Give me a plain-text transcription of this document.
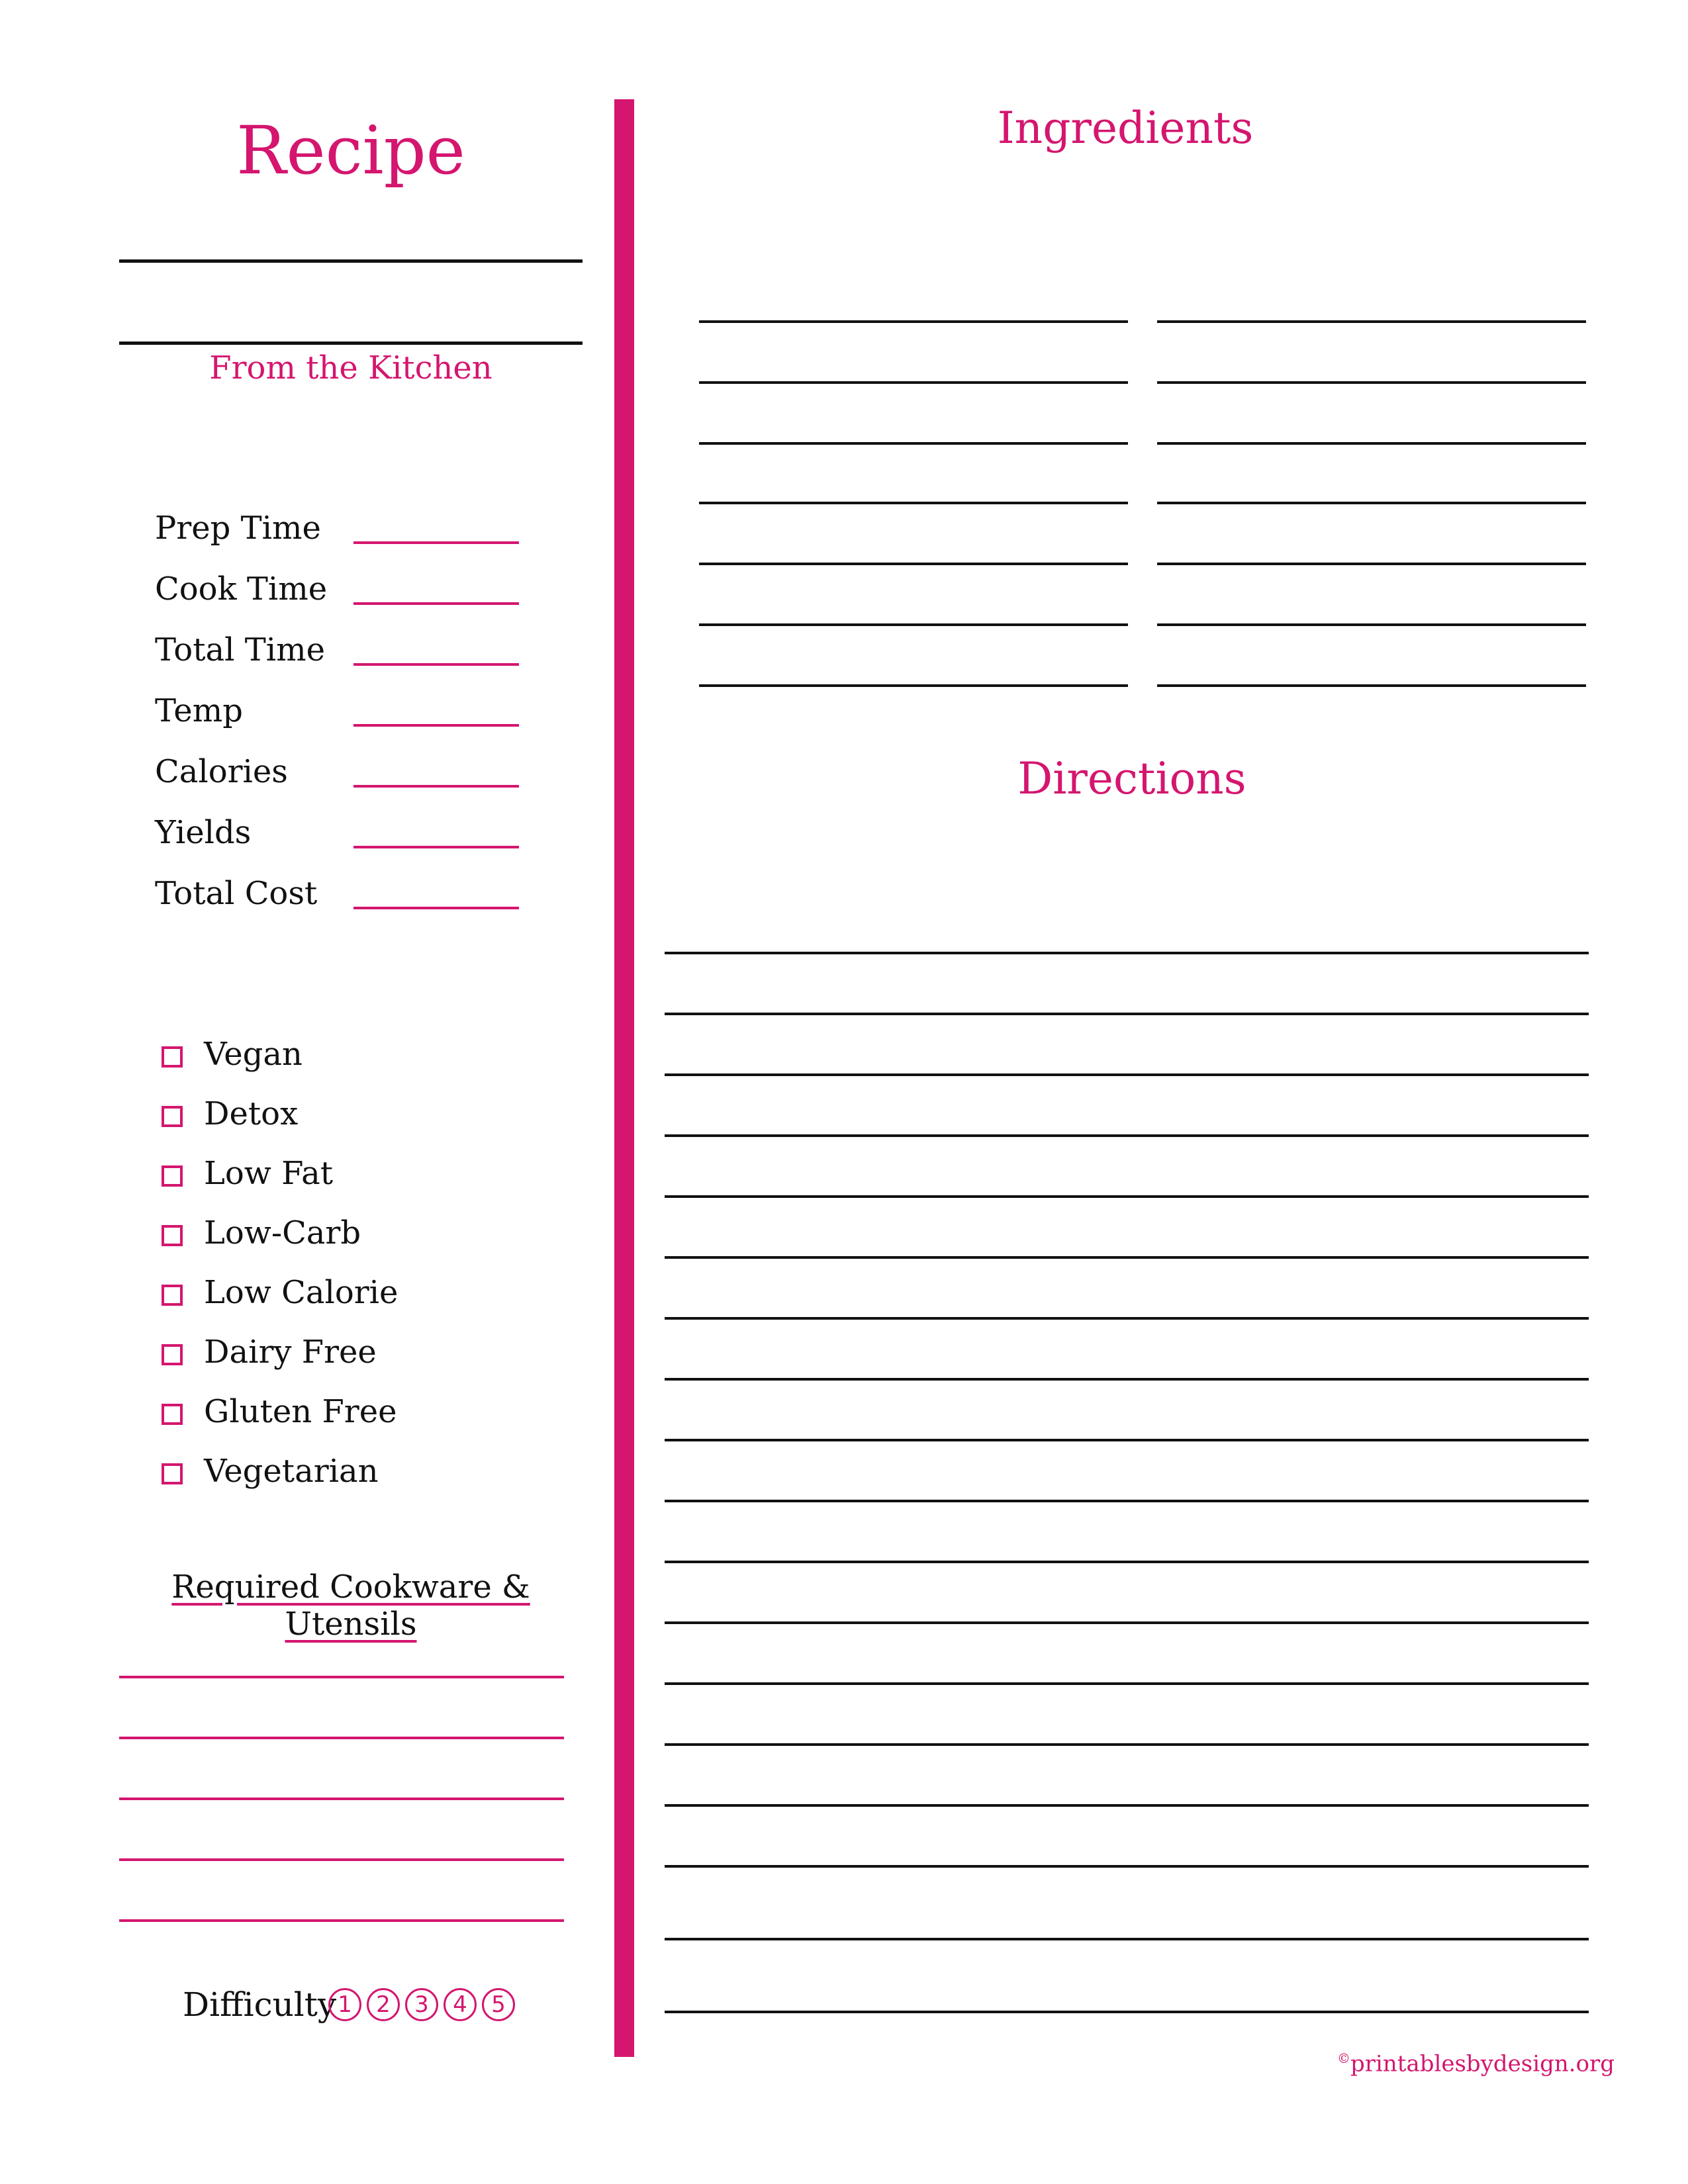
Recipe
From the Kitchen
Prep Time
Cook Time
Total Time
Temp
Calories
Yields
Total Cost
Vegan
Detox
Low Fat
Low-Carb
Low Calorie
Dairy Free
Gluten Free
Vegetarian
Required Cookware & Utensils
Difficulty 1	2	3	4	5
Ingredients
Directions
©printablesbydesign.org
